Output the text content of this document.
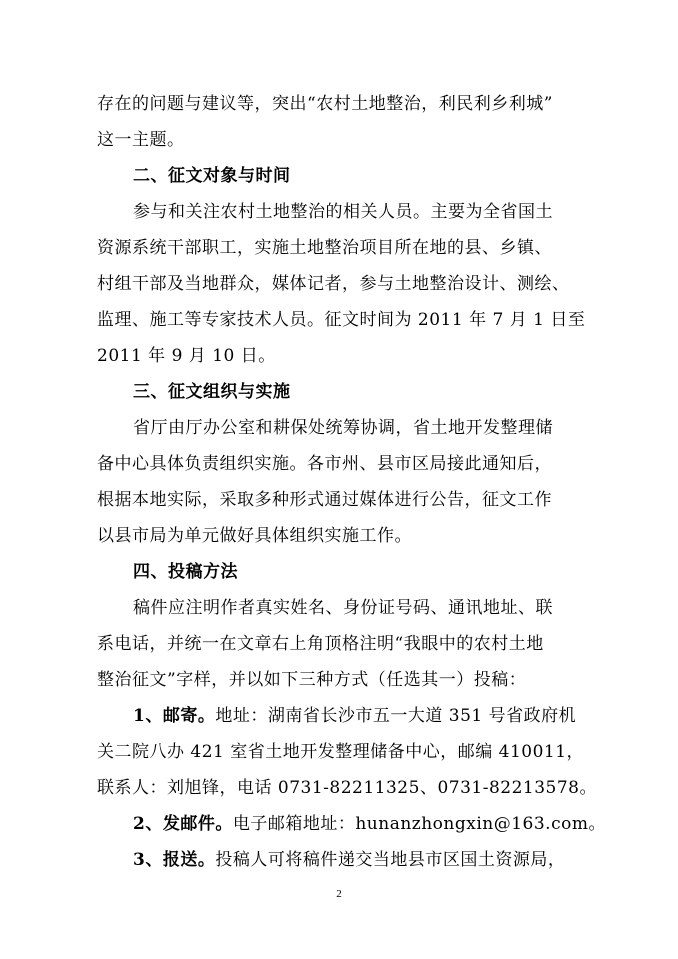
存在的问题与建议等，突出“农村土地整治，利民利乡利城”
这一主题。
二、征文对象与时间
参与和关注农村土地整治的相关人员。主要为全省国土
资源系统干部职工，实施土地整治项目所在地的县、乡镇、
村组干部及当地群众，媒体记者，参与土地整治设计、测绘、
监理、施工等专家技术人员。征文时间为 2011 年 7 月 1 日至
2011 年 9 月 10 日。
三、征文组织与实施
省厅由厅办公室和耕保处统筹协调，省土地开发整理储
备中心具体负责组织实施。各市州、县市区局接此通知后，
根据本地实际，采取多种形式通过媒体进行公告，征文工作
以县市局为单元做好具体组织实施工作。
四、投稿方法
稿件应注明作者真实姓名、身份证号码、通讯地址、联
系电话，并统一在文章右上角顶格注明“我眼中的农村土地
整治征文”字样，并以如下三种方式（任选其一）投稿：
1、邮寄。地址：湖南省长沙市五一大道 351 号省政府机
关二院八办 421 室省土地开发整理储备中心，邮编 410011，
联系人：刘旭锋，电话 0731-82211325、0731-82213578。
2、发邮件。电子邮箱地址：hunanzhongxin@163.com。
3、报送。投稿人可将稿件递交当地县市区国土资源局，
2
